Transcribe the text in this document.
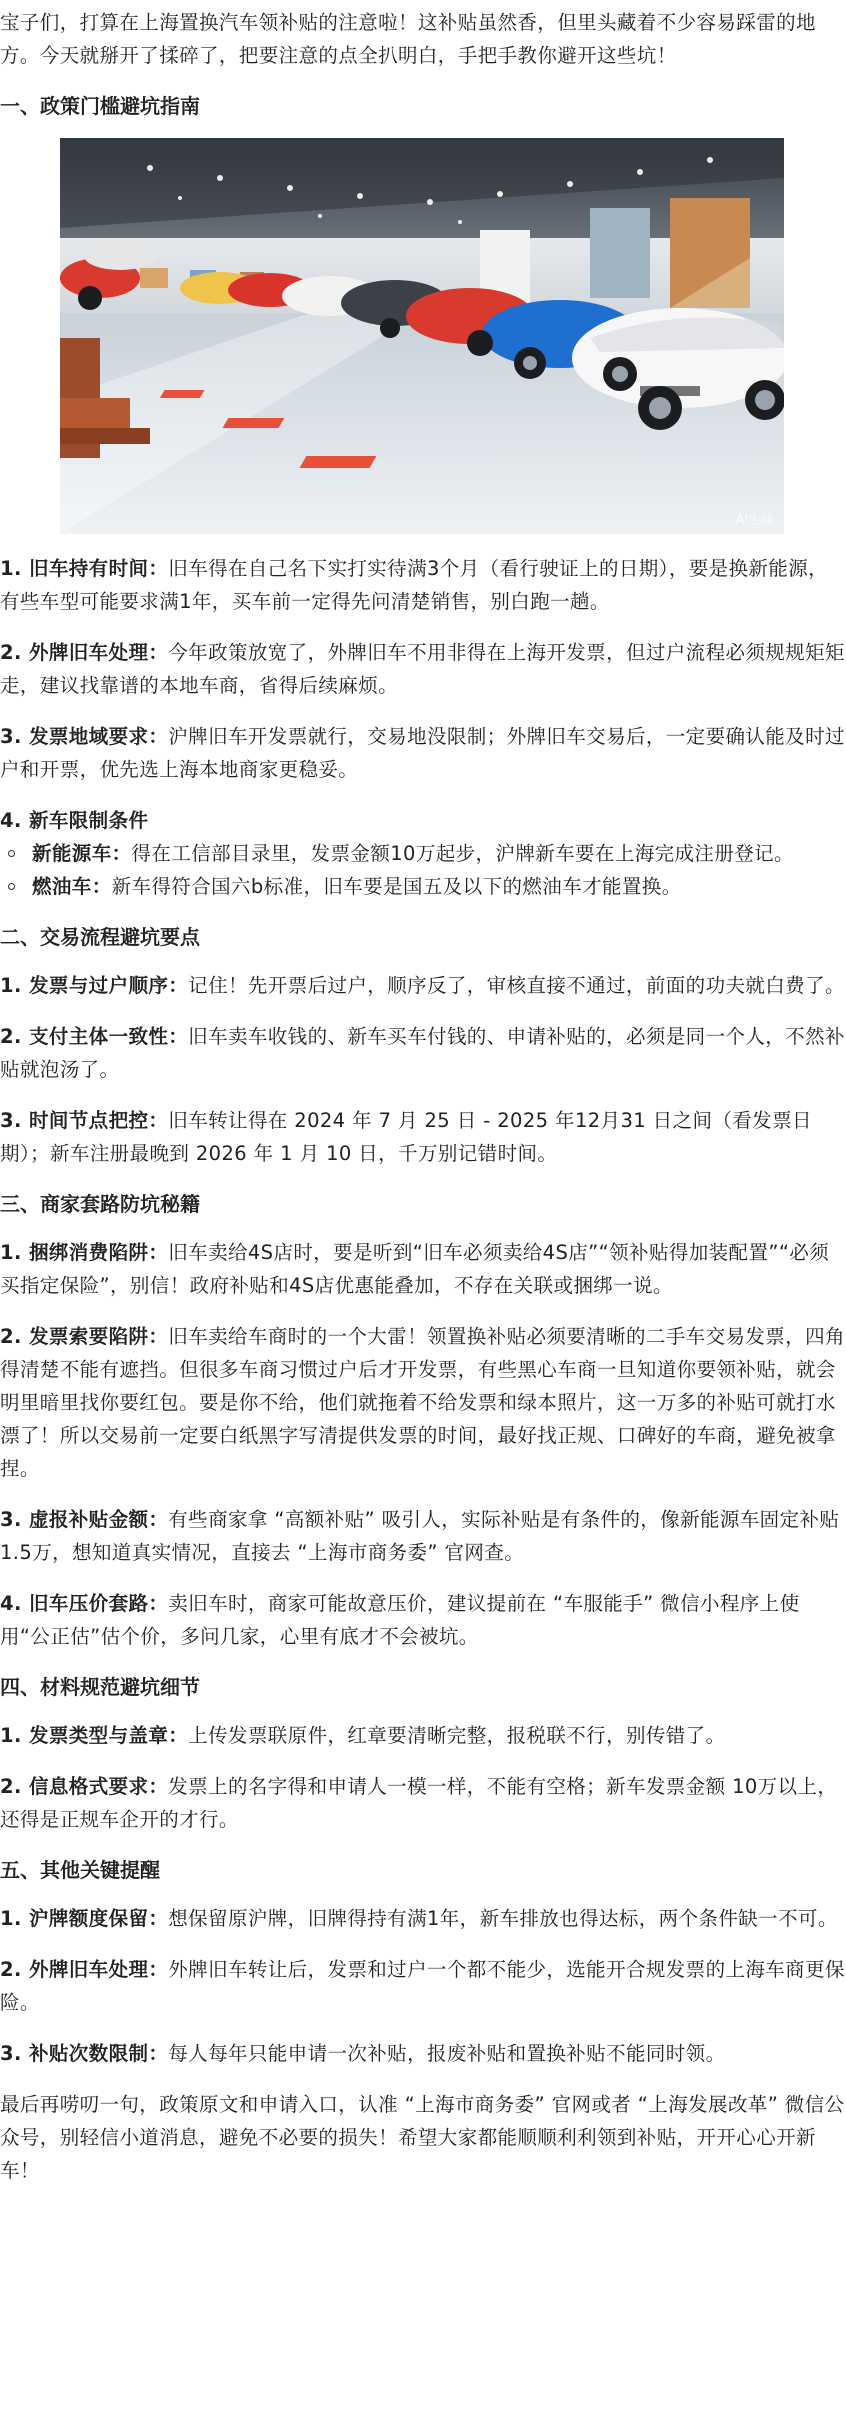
宝子们，打算在上海置换汽车领补贴的注意啦！这补贴虽然香，但里头藏着不少容易踩雷的地方。今天就掰开了揉碎了，把要注意的点全扒明白，手把手教你避开这些坑！

一、政策门槛避坑指南
AI生成

1. 旧车持有时间：旧车得在自己名下实打实待满3个月（看行驶证上的日期），要是换新能源，有些车型可能要求满1年，买车前一定得先问清楚销售，别白跑一趟。

2. 外牌旧车处理：今年政策放宽了，外牌旧车不用非得在上海开发票，但过户流程必须规规矩矩走，建议找靠谱的本地车商，省得后续麻烦。

3. 发票地域要求：沪牌旧车开发票就行，交易地没限制；外牌旧车交易后，一定要确认能及时过户和开票，优先选上海本地商家更稳妥。

4. 新车限制条件

新能源车：得在工信部目录里，发票金额10万起步，沪牌新车要在上海完成注册登记。

燃油车：新车得符合国六b标准，旧车要是国五及以下的燃油车才能置换。

二、交易流程避坑要点

1. 发票与过户顺序：记住！先开票后过户，顺序反了，审核直接不通过，前面的功夫就白费了。

2. 支付主体一致性：旧车卖车收钱的、新车买车付钱的、申请补贴的，必须是同一个人，不然补贴就泡汤了。

3. 时间节点把控：旧车转让得在 2024 年 7 月 25 日 - 2025 年12月31 日之间（看发票日期）；新车注册最晚到 2026 年 1 月 10 日，千万别记错时间。

三、商家套路防坑秘籍

1. 捆绑消费陷阱：旧车卖给4S店时，要是听到“旧车必须卖给4S店”“领补贴得加装配置”“必须买指定保险”，别信！政府补贴和4S店优惠能叠加，不存在关联或捆绑一说。

2. 发票索要陷阱：旧车卖给车商时的一个大雷！领置换补贴必须要清晰的二手车交易发票，四角得清楚不能有遮挡。但很多车商习惯过户后才开发票，有些黑心车商一旦知道你要领补贴，就会明里暗里找你要红包。要是你不给，他们就拖着不给发票和绿本照片，这一万多的补贴可就打水漂了！所以交易前一定要白纸黑字写清提供发票的时间，最好找正规、口碑好的车商，避免被拿捏。

3. 虚报补贴金额：有些商家拿 “高额补贴” 吸引人，实际补贴是有条件的，像新能源车固定补贴1.5万，想知道真实情况，直接去 “上海市商务委” 官网查。

4. 旧车压价套路：卖旧车时，商家可能故意压价，建议提前在 “车服能手” 微信小程序上使用“公正估”估个价，多问几家，心里有底才不会被坑。

四、材料规范避坑细节

1. 发票类型与盖章：上传发票联原件，红章要清晰完整，报税联不行，别传错了。

2. 信息格式要求：发票上的名字得和申请人一模一样，不能有空格；新车发票金额 10万以上，还得是正规车企开的才行。

五、其他关键提醒

1. 沪牌额度保留：想保留原沪牌，旧牌得持有满1年，新车排放也得达标，两个条件缺一不可。

2. 外牌旧车处理：外牌旧车转让后，发票和过户一个都不能少，选能开合规发票的上海车商更保险。

3. 补贴次数限制：每人每年只能申请一次补贴，报废补贴和置换补贴不能同时领。

最后再唠叨一句，政策原文和申请入口，认准 “上海市商务委” 官网或者 “上海发展改革” 微信公众号，别轻信小道消息，避免不必要的损失！希望大家都能顺顺利利领到补贴，开开心心开新车！
